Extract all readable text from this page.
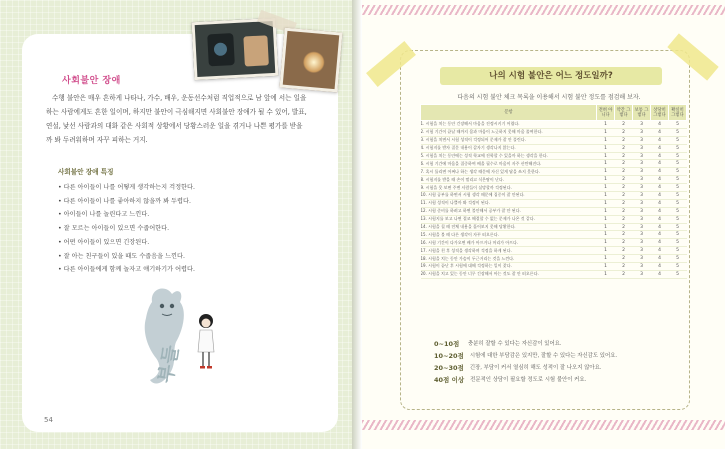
사회불안 장애

수행 불안은 매우 흔하게 나타나, 가수, 배우, 운동선수처럼 직업적으로 남 앞에 서는 일을 하는 사람에게도 흔한 일이며, 하지만 불안이 극심해지면 사회불안 장애가 될 수 있어, 발표, 연설, 낯선 사람과의 대화 같은 사회적 상황에서 당황스러운 일을 겪거나 나쁜 평가를 받을까 봐 두려워하며 자꾸 피하는 거지.

사회불안 장애 특징
• 다른 아이들이 나를 어떻게 생각하는지 걱정한다.
• 다른 아이들이 나를 좋아하지 않을까 봐 두렵다.
• 아이들이 나를 놀린다고 느낀다.
• 잘 모르는 아이들이 있으면 수줍어한다.
• 어떤 아이들이 있으면 긴장된다.
• 잘 아는 친구들이 있을 때도 수줍음을 느낀다.
• 다른 아이들에게 함께 놀자고 얘기하기가 어렵다.
부들
54
나의 시험 불안은 어느 정도일까?
다음의 시험 불안 체크 목록을 이용해서 시험 불안 정도를 점검해 보자.
문항	전혀 아니다	약간 그렇다	보통 그렇다	상당히 그렇다	확실히 그렇다
1. 시험을 치는 동안 긴장해서 마음을 진정시키기 어렵다.	1	2	3	4	5
2. 시험 기간이 끝날 때까지 몸과 마음이 느긋하지 못해 마음 졸여한다.	1	2	3	4	5
3. 시험을 치면서 시험 성적이 걱정되어 문제가 잘 안 풀린다.	1	2	3	4	5
4. 시험지를 받자 질문 내용이 갑자기 생각나지 않는다.	1	2	3	4	5
5. 시험을 치는 동안에는 성적 학교에 진학할 수 있을까 하는 생각을 한다.	1	2	3	4	5
6. 시험 기간에 마음을 집중하여 배울 필수로 마음이 자주 산만해진다.	1	2	3	4	5
7. 혹시 틀리면 어쩌나 하는 생각 때문에 자신 있게 답을 쓰지 못한다.	1	2	3	4	5
8. 시험지를 받을 때 손이 떨리고 식은땀이 난다.	1	2	3	4	5
9. 시험을 못 보면 주변 사람들이 실망할까 걱정된다.	1	2	3	4	5
10. 시험 공부를 하면서 시험 생각 때문에 집중이 잘 안된다.	1	2	3	4	5
11. 시험 성적이 나쁠까 봐 걱정이 된다.	1	2	3	4	5
12. 시험 준비를 하려고 하면 불안해서 공부가 잘 안 된다.	1	2	3	4	5
13. 시험지를 보고 나면 결코 해결할 수 없는 문제가 나온 것 같다.	1	2	3	4	5
14. 시험을 칠 때 전체 내용을 훑어보지 못해 당황한다.	1	2	3	4	5
15. 시험을 볼 때 다른 생각이 자꾸 떠오른다.	1	2	3	4	5
16. 시험 기간이 다가오면 배가 아프거나 머리가 아프다.	1	2	3	4	5
17. 시험을 친 후 성적을 생각하며 걱정을 하게 된다.	1	2	3	4	5
18. 시험을 치는 동안 가슴이 두근거리는 것을 느낀다.	1	2	3	4	5
19. 시험이 끝난 후 시험에 대해 걱정하는 일이 잦다.	1	2	3	4	5
20. 시험을 치고 있는 동안 너무 긴장해서 아는 것도 잘 안 떠오른다.	1	2	3	4	5
0~10점	충분히 잘할 수 있다는 자신감이 있어요.
10~20점 시험에 대한 부담감은 있지만, 잘할 수 있다는 자신감도 있어요.
20~30점 긴장, 부담이 커서 열심히 해도 성적이 잘 나오지 않아요.
40점 이상 전문적인 상담이 필요할 정도로 시험 불안이 커요.
